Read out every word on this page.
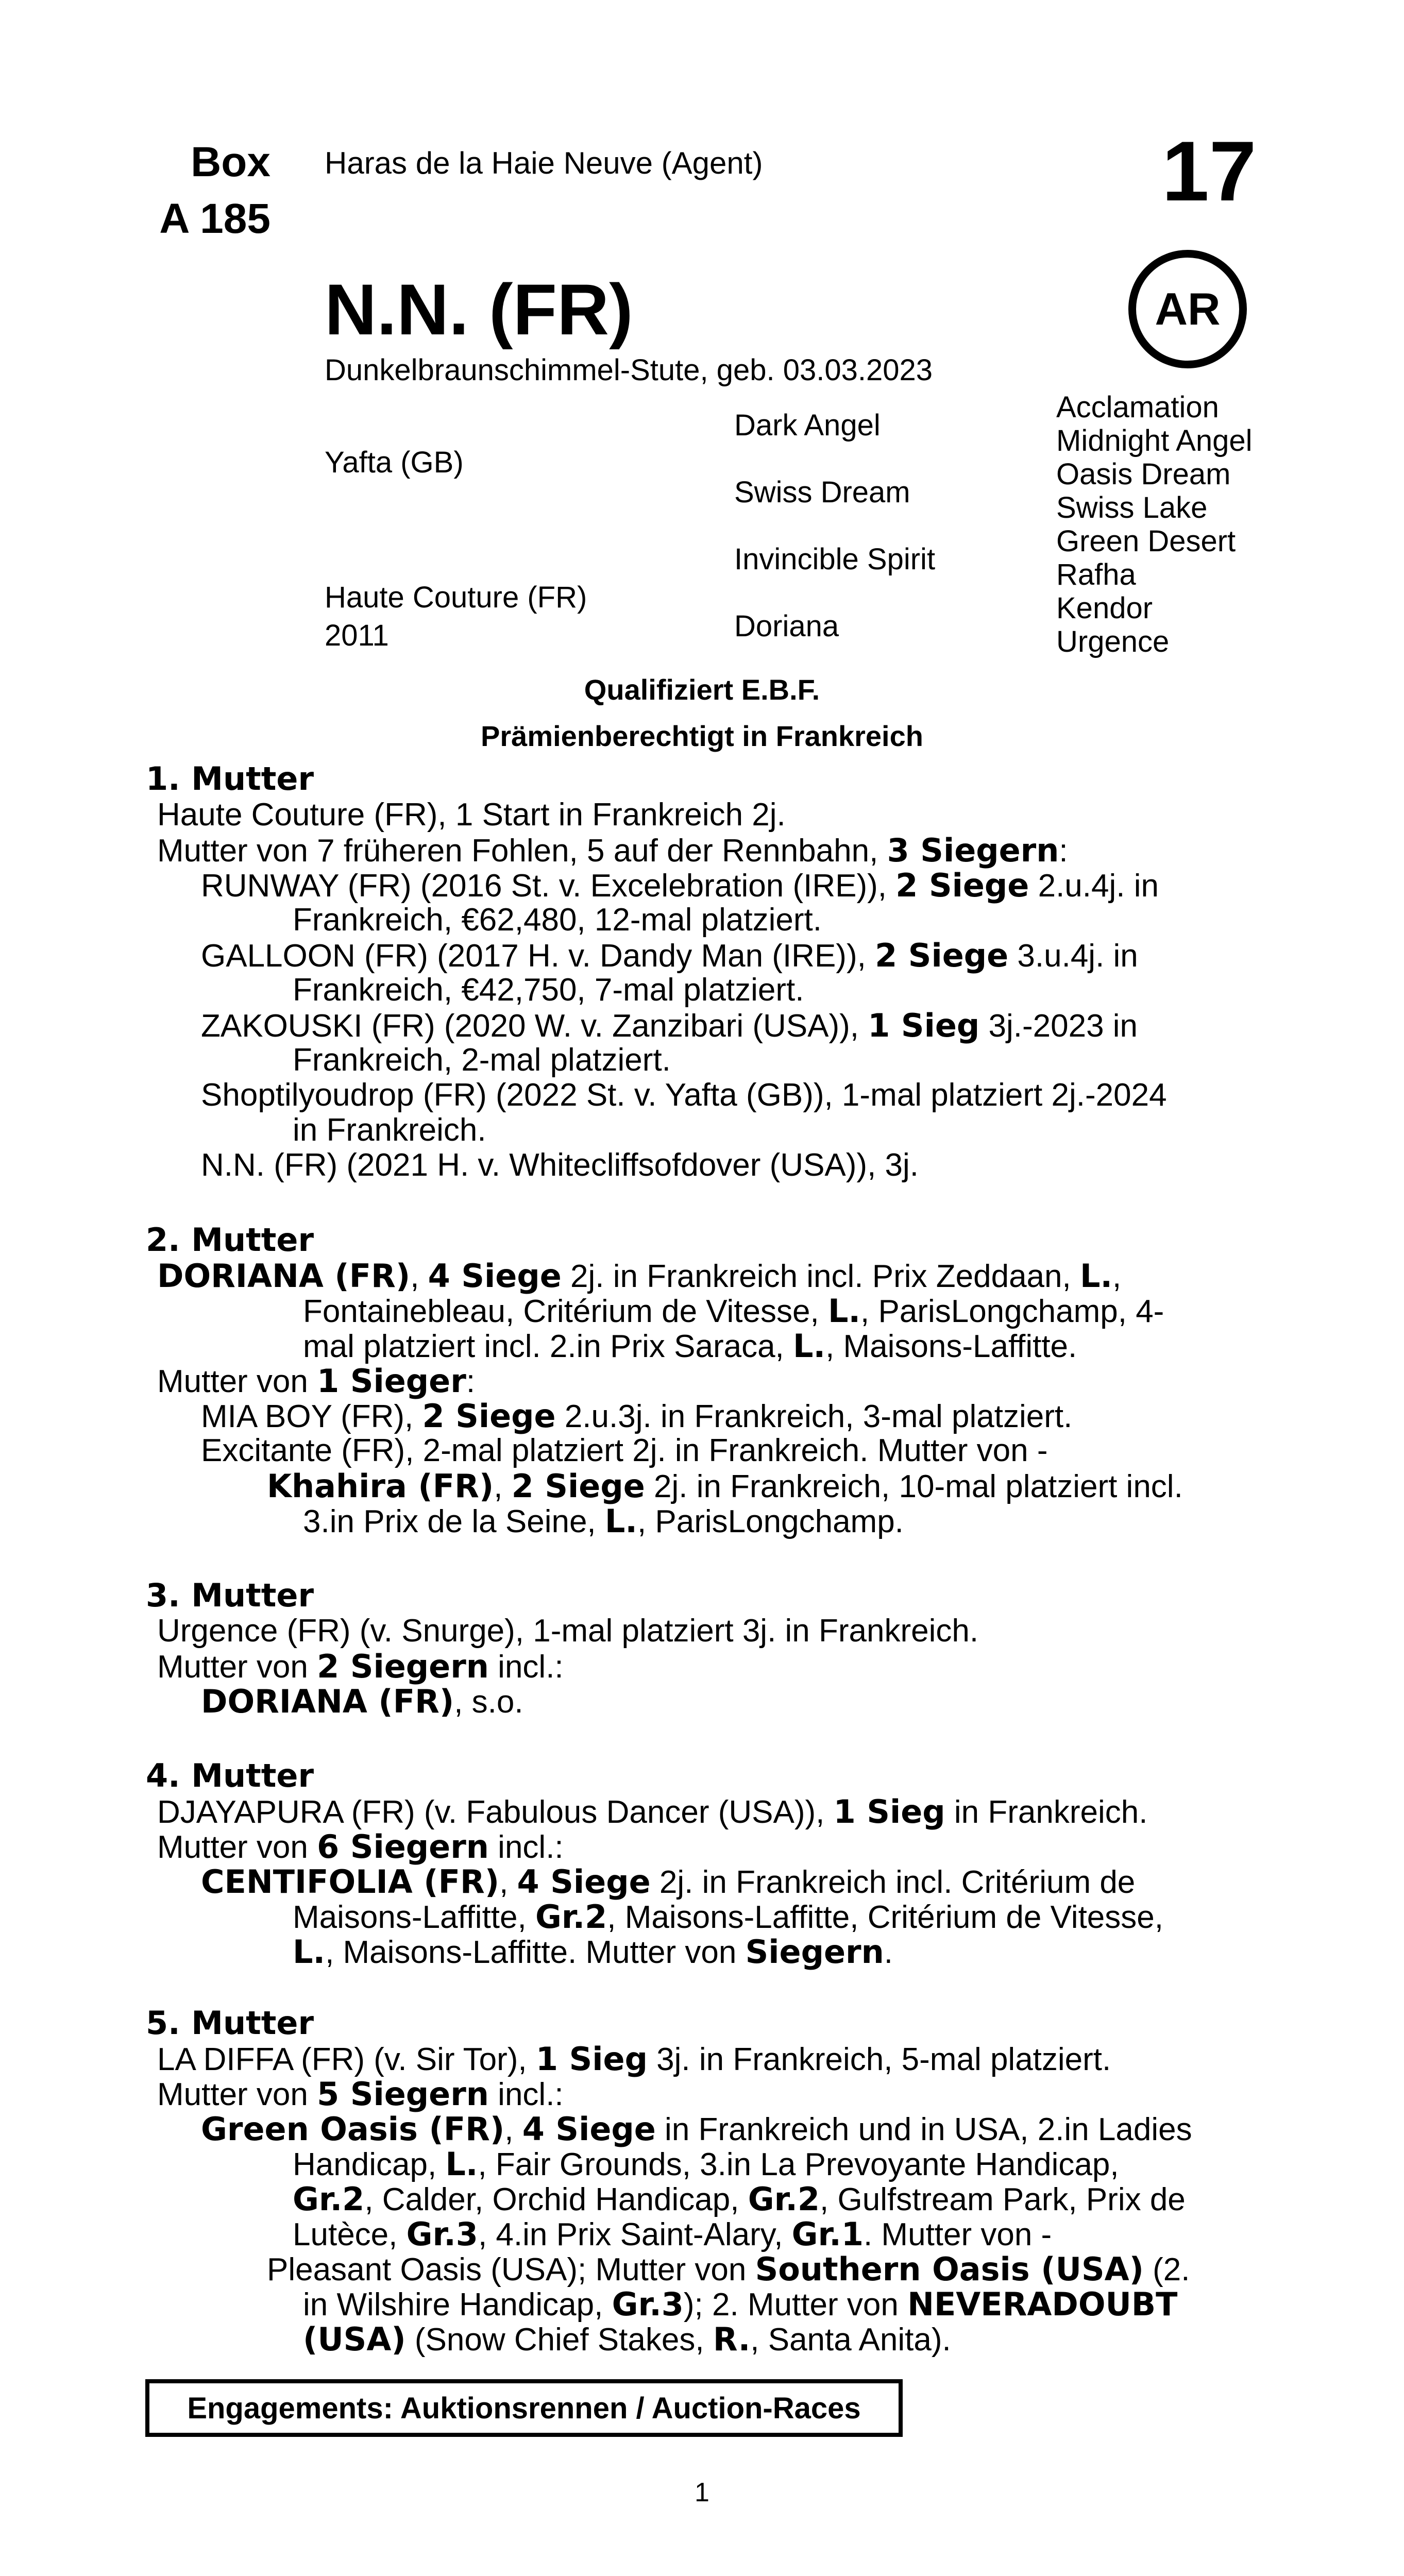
Box
A 185
Haras de la Haie Neuve (Agent)	17
AR
N.N. (FR)
Dunkelbraunschimmel-Stute, geb. 03.03.2023
Yafta (GB)
Haute Couture (FR)
2011
Dark Angel
Swiss Dream
Invincible Spirit
Doriana
Acclamation
Midnight Angel
Oasis Dream
Swiss Lake
Green Desert
Rafha
Kendor
Urgence
Qualifiziert E.B.F.
Prämienberechtigt in Frankreich
1. Mutter
Haute Couture (FR), 1 Start in Frankreich 2j.
Mutter von 7 früheren Fohlen, 5 auf der Rennbahn, 3 Siegern:
RUNWAY (FR) (2016 St. v. Excelebration (IRE)), 2 Siege 2.u.4j. in
Frankreich, €62,480, 12-mal platziert.
GALLOON (FR) (2017 H. v. Dandy Man (IRE)), 2 Siege 3.u.4j. in
Frankreich, €42,750, 7-mal platziert.
ZAKOUSKI (FR) (2020 W. v. Zanzibari (USA)), 1 Sieg 3j.-2023 in
Frankreich, 2-mal platziert.
Shoptilyoudrop (FR) (2022 St. v. Yafta (GB)), 1-mal platziert 2j.-2024
in Frankreich.
N.N. (FR) (2021 H. v. Whitecliffsofdover (USA)), 3j.
2. Mutter
DORIANA (FR), 4 Siege 2j. in Frankreich incl. Prix Zeddaan, L.,
Fontainebleau, Critérium de Vitesse, L., ParisLongchamp, 4-
mal platziert incl. 2.in Prix Saraca, L., Maisons-Laffitte.
Mutter von 1 Sieger:
MIA BOY (FR), 2 Siege 2.u.3j. in Frankreich, 3-mal platziert.
Excitante (FR), 2-mal platziert 2j. in Frankreich. Mutter von -
Khahira (FR), 2 Siege 2j. in Frankreich, 10-mal platziert incl.
3.in Prix de la Seine, L., ParisLongchamp.
3. Mutter
Urgence (FR) (v. Snurge), 1-mal platziert 3j. in Frankreich.
Mutter von 2 Siegern incl.:
DORIANA (FR), s.o.
4. Mutter
DJAYAPURA (FR) (v. Fabulous Dancer (USA)), 1 Sieg in Frankreich.
Mutter von 6 Siegern incl.:
CENTIFOLIA (FR), 4 Siege 2j. in Frankreich incl. Critérium de
Maisons-Laffitte, Gr.2, Maisons-Laffitte, Critérium de Vitesse,
L., Maisons-Laffitte. Mutter von Siegern.
5. Mutter
LA DIFFA (FR) (v. Sir Tor), 1 Sieg 3j. in Frankreich, 5-mal platziert.
Mutter von 5 Siegern incl.:
Green Oasis (FR), 4 Siege in Frankreich und in USA, 2.in Ladies
Handicap, L., Fair Grounds, 3.in La Prevoyante Handicap,
Gr.2, Calder, Orchid Handicap, Gr.2, Gulfstream Park, Prix de
Lutèce, Gr.3, 4.in Prix Saint-Alary, Gr.1. Mutter von -
Pleasant Oasis (USA); Mutter von Southern Oasis (USA) (2.
in Wilshire Handicap, Gr.3); 2. Mutter von NEVERADOUBT
(USA) (Snow Chief Stakes, R., Santa Anita).
Engagements: Auktionsrennen / Auction-Races
1
